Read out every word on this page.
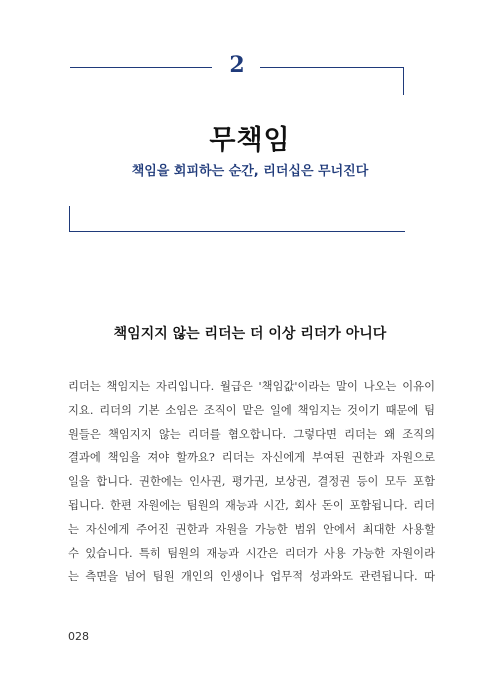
2
무책임
책임을 회피하는 순간, 리더십은 무너진다
책임지지 않는 리더는 더 이상 리더가 아니다
리더는 책임지는 자리입니다. 월급은 '책임값'이라는 말이 나오는 이유이
지요. 리더의 기본 소임은 조직이 맡은 일에 책임지는 것이기 때문에 팀
원들은 책임지지 않는 리더를 혐오합니다. 그렇다면 리더는 왜 조직의
결과에 책임을 져야 할까요? 리더는 자신에게 부여된 권한과 자원으로
일을 합니다. 권한에는 인사권, 평가권, 보상권, 결정권 등이 모두 포함
됩니다. 한편 자원에는 팀원의 재능과 시간, 회사 돈이 포함됩니다. 리더
는 자신에게 주어진 권한과 자원을 가능한 범위 안에서 최대한 사용할
수 있습니다. 특히 팀원의 재능과 시간은 리더가 사용 가능한 자원이라
는 측면을 넘어 팀원 개인의 인생이나 업무적 성과와도 관련됩니다. 따
028
